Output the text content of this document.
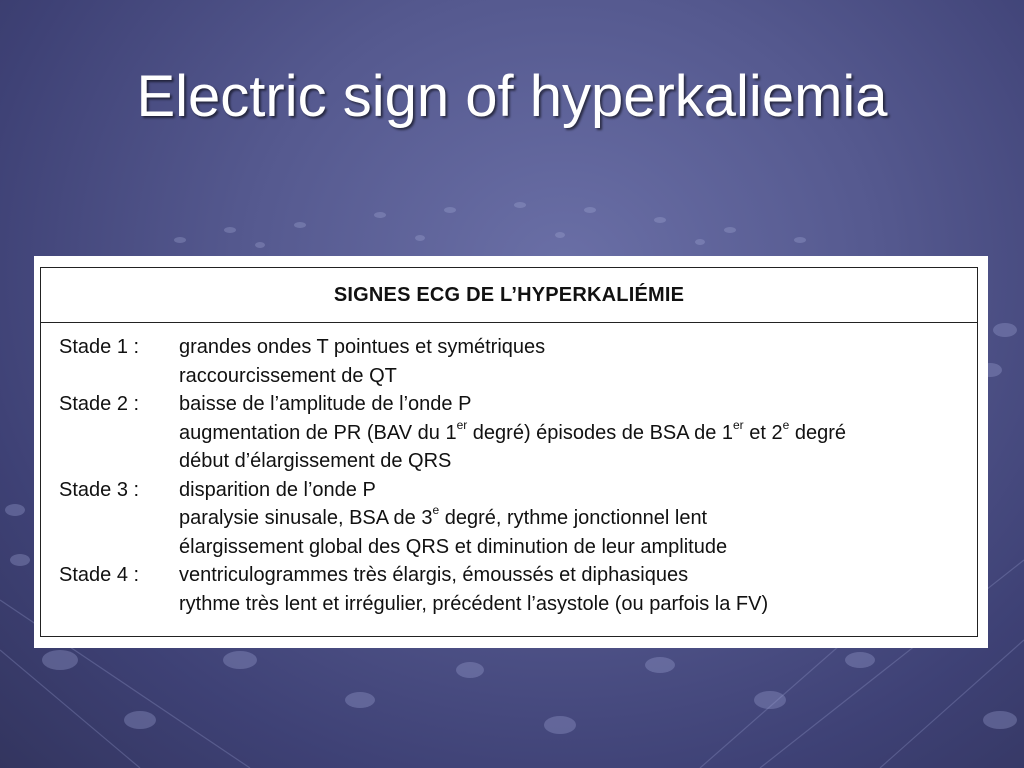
Electric sign of hyperkaliemia
SIGNES ECG DE L’HYPERKALIÉMIE
Stade 1 :	grandes ondes T pointues et symétriques
raccourcissement de QT
Stade 2 :	baisse de l’amplitude de l’onde P
augmentation de PR (BAV du 1er degré) épisodes de BSA de 1er et 2e degré
début d’élargissement de QRS
Stade 3 :	disparition de l’onde P
paralysie sinusale, BSA de 3e degré, rythme jonctionnel lent
élargissement global des QRS et diminution de leur amplitude
Stade 4 :	ventriculogrammes très élargis, émoussés et diphasiques
rythme très lent et irrégulier, précédent l’asystole (ou parfois la FV)
